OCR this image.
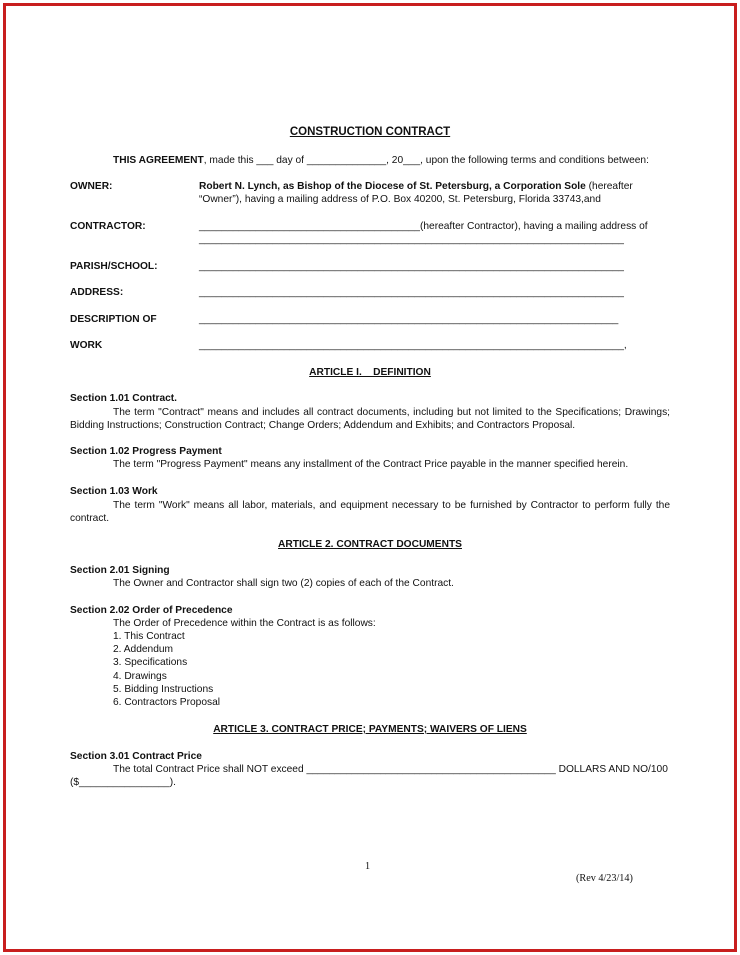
CONSTRUCTION CONTRACT
THIS AGREEMENT, made this ___ day of ______________, 20___, upon the following terms and conditions between:
OWNER:	Robert N. Lynch, as Bishop of the Diocese of St. Petersburg, a Corporation Sole (hereafter
“Owner”), having a mailing address of P.O. Box 40200, St. Petersburg, Florida 33743,and
CONTRACTOR:	_______________________________________(hereafter Contractor), having a mailing address of
___________________________________________________________________________
PARISH/SCHOOL:	___________________________________________________________________________
ADDRESS:	___________________________________________________________________________
DESCRIPTION OF	__________________________________________________________________________
WORK	___________________________________________________________________________,
ARTICLE I.    DEFINITION
Section 1.01 Contract.
The term "Contract" means and includes all contract documents, including but not limited to the Specifications; Drawings; Bidding Instructions; Construction Contract; Change Orders; Addendum and Exhibits; and Contractors Proposal.
Section 1.02 Progress Payment
The term "Progress Payment" means any installment of the Contract Price payable in the manner specified herein.
Section 1.03 Work
The term "Work" means all labor, materials, and equipment necessary to be furnished by Contractor to perform fully the contract.
ARTICLE 2. CONTRACT DOCUMENTS
Section 2.01 Signing
The Owner and Contractor shall sign two (2) copies of each of the Contract.
Section 2.02 Order of Precedence
The Order of Precedence within the Contract is as follows:
1. This Contract
2. Addendum
3. Specifications
4. Drawings
5. Bidding Instructions
6. Contractors Proposal
ARTICLE 3. CONTRACT PRICE; PAYMENTS; WAIVERS OF LIENS
Section 3.01 Contract Price
The total Contract Price shall NOT exceed ____________________________________________ DOLLARS AND NO/100
($________________).
1
(Rev 4/23/14)
